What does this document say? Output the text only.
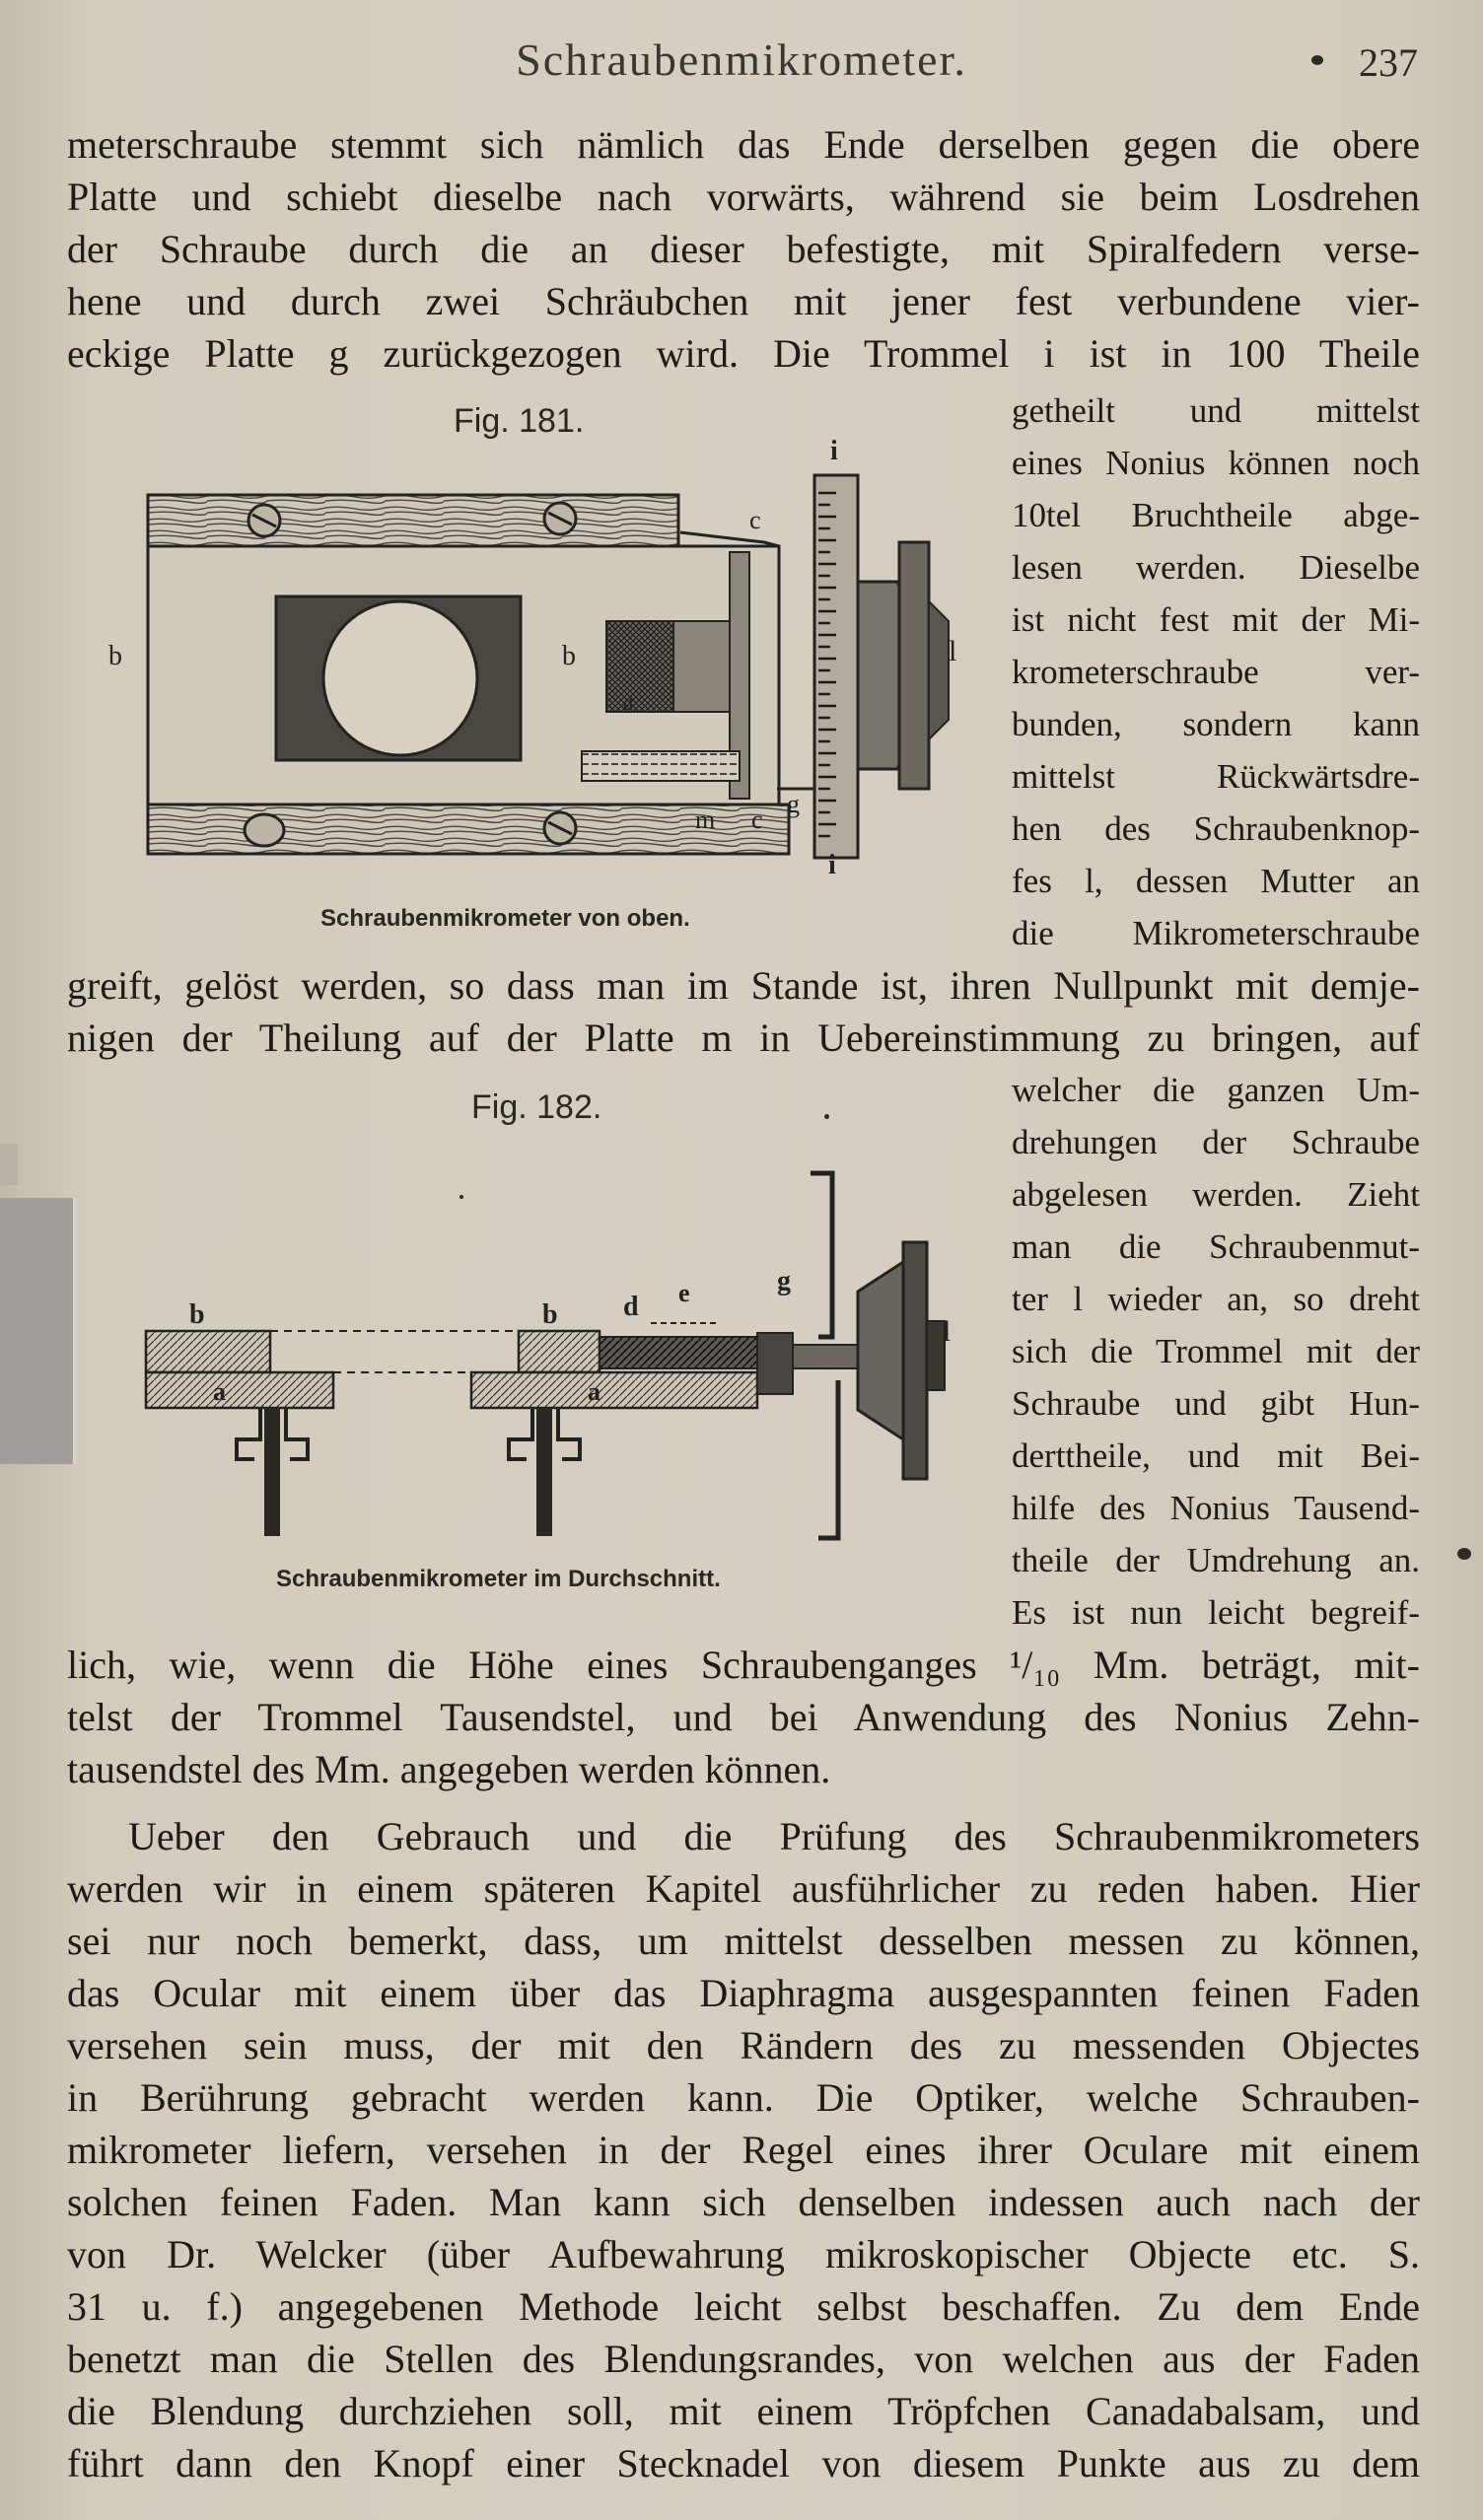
Schraubenmikrometer.	237
meterschraube stemmt sich nämlich das Ende derselben gegen die obere
Platte und schiebt dieselbe nach vorwärts, während sie beim Losdrehen
der Schraube durch die an dieser befestigte, mit Spiralfedern verse-
hene und durch zwei Schräubchen mit jener fest verbundene vier-
eckige Platte g zurückgezogen wird. Die Trommel i ist in 100 Theile
Fig. 181.
i
c
b	b
d
l
g
m c
i
Schraubenmikrometer von oben.
getheilt und mittelst
eines Nonius können noch
10tel Bruchtheile abge-
lesen werden. Dieselbe
ist nicht fest mit der Mi-
krometerschraube ver-
bunden, sondern kann
mittelst Rückwärtsdre-
hen des Schraubenknop-
fes l, dessen Mutter an
die Mikrometerschraube
greift, gelöst werden, so dass man im Stande ist, ihren Nullpunkt mit demje-
nigen der Theilung auf der Platte m in Uebereinstimmung zu bringen, auf
Fig. 182.
b
a
b
a
d e	g
l
Schraubenmikrometer im Durchschnitt.
welcher die ganzen Um-
drehungen der Schraube
abgelesen werden. Zieht
man die Schraubenmut-
ter l wieder an, so dreht
sich die Trommel mit der
Schraube und gibt Hun-
derttheile, und mit Bei-
hilfe des Nonius Tausend-
theile der Umdrehung an.
Es ist nun leicht begreif-
lich, wie, wenn die Höhe eines Schraubenganges ¹/₁₀ Mm. beträgt, mit-
telst der Trommel Tausendstel, und bei Anwendung des Nonius Zehn-
tausendstel des Mm. angegeben werden können.
Ueber den Gebrauch und die Prüfung des Schraubenmikrometers
werden wir in einem späteren Kapitel ausführlicher zu reden haben. Hier
sei nur noch bemerkt, dass, um mittelst desselben messen zu können,
das Ocular mit einem über das Diaphragma ausgespannten feinen Faden
versehen sein muss, der mit den Rändern des zu messenden Objectes
in Berührung gebracht werden kann. Die Optiker, welche Schrauben-
mikrometer liefern, versehen in der Regel eines ihrer Oculare mit einem
solchen feinen Faden. Man kann sich denselben indessen auch nach der
von Dr. Welcker (über Aufbewahrung mikroskopischer Objecte etc. S.
31 u. f.) angegebenen Methode leicht selbst beschaffen. Zu dem Ende
benetzt man die Stellen des Blendungsrandes, von welchen aus der Faden
die Blendung durchziehen soll, mit einem Tröpfchen Canadabalsam, und
führt dann den Knopf einer Stecknadel von diesem Punkte aus zu dem
